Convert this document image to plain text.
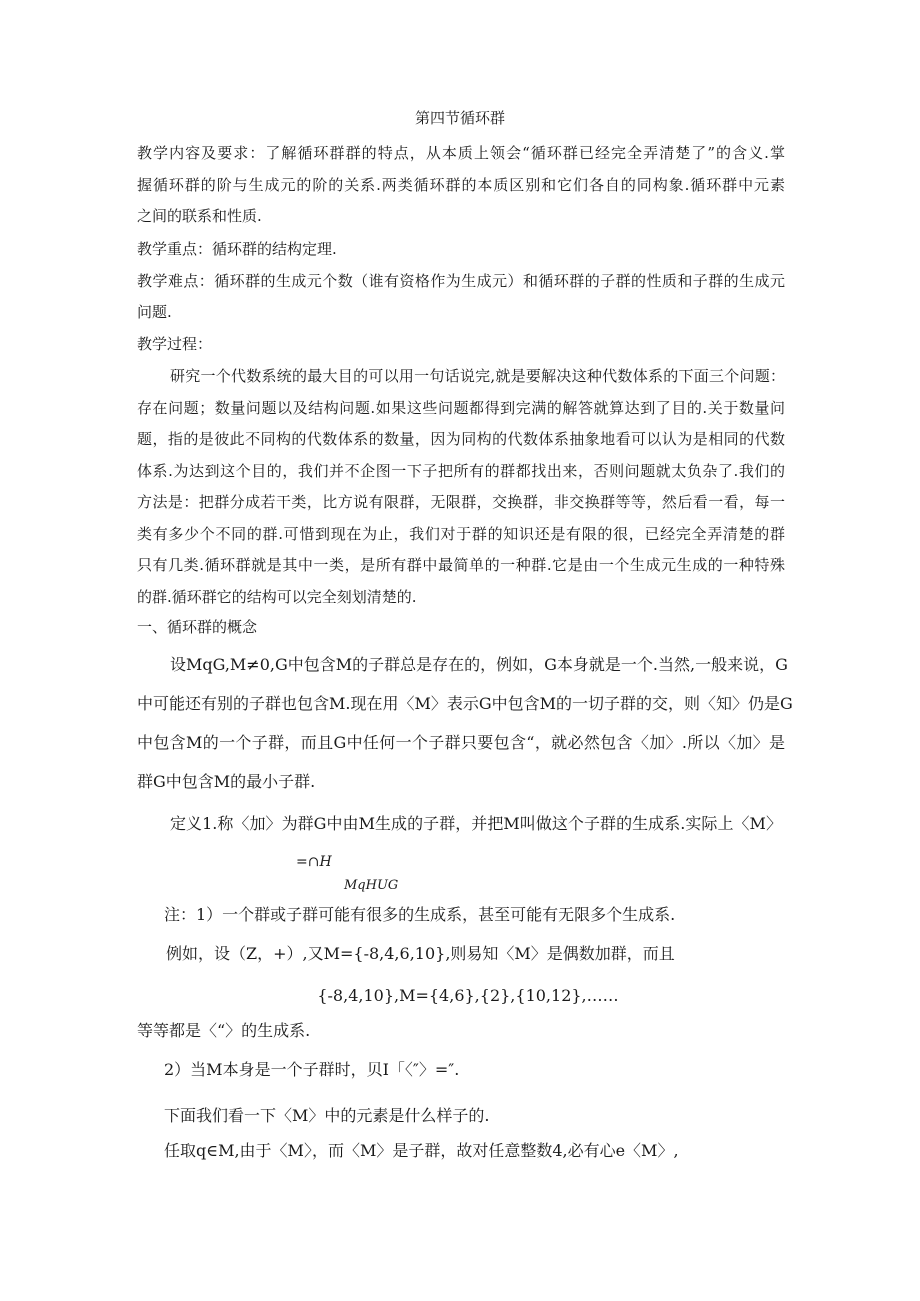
第四节循环群
教学内容及要求：了解循环群群的特点，从本质上领会“循环群已经完全弄清楚了”的含义.掌
握循环群的阶与生成元的阶的关系.两类循环群的本质区别和它们各自的同构象.循环群中元素
之间的联系和性质.
教学重点：循环群的结构定理.
教学难点：循环群的生成元个数（谁有资格作为生成元）和循环群的子群的性质和子群的生成元
问题.
教学过程：
研究一个代数系统的最大目的可以用一句话说完,就是要解决这种代数体系的下面三个问题：
存在问题；数量问题以及结构问题.如果这些问题都得到完满的解答就算达到了目的.关于数量问
题，指的是彼此不同构的代数体系的数量，因为同构的代数体系抽象地看可以认为是相同的代数
体系.为达到这个目的，我们并不企图一下子把所有的群都找出来，否则问题就太负杂了.我们的
方法是：把群分成若干类，比方说有限群，无限群，交换群，非交换群等等，然后看一看，每一
类有多少个不同的群.可惜到现在为止，我们对于群的知识还是有限的很，已经完全弄清楚的群
只有几类.循环群就是其中一类，是所有群中最简单的一种群.它是由一个生成元生成的一种特殊
的群.循环群它的结构可以完全刻划清楚的.
一、循环群的概念
设MqG,M≠0,G中包含M的子群总是存在的，例如，G本身就是一个.当然,一般来说，G
中可能还有别的子群也包含M.现在用〈M〉表示G中包含M的一切子群的交，则〈知〉仍是G
中包含M的一个子群，而且G中任何一个子群只要包含“，就必然包含〈加〉.所以〈加〉是
群G中包含M的最小子群.
定义1.称〈加〉为群G中由M生成的子群，并把M叫做这个子群的生成系.实际上〈M〉
=∩H
MqHUG
注：1）一个群或子群可能有很多的生成系，甚至可能有无限多个生成系.
例如，设（Z，+）,又M={-8,4,6,10},则易知〈M〉是偶数加群，而且
{-8,4,10},M={4,6},{2},{10,12},……
等等都是〈“〉的生成系.
2）当M本身是一个子群时，贝I「〈″〉=″.
下面我们看一下〈M〉中的元素是什么样子的.
任取q∈M,由于〈M〉，而〈M〉是子群，故对任意整数4,必有心e〈M〉,
